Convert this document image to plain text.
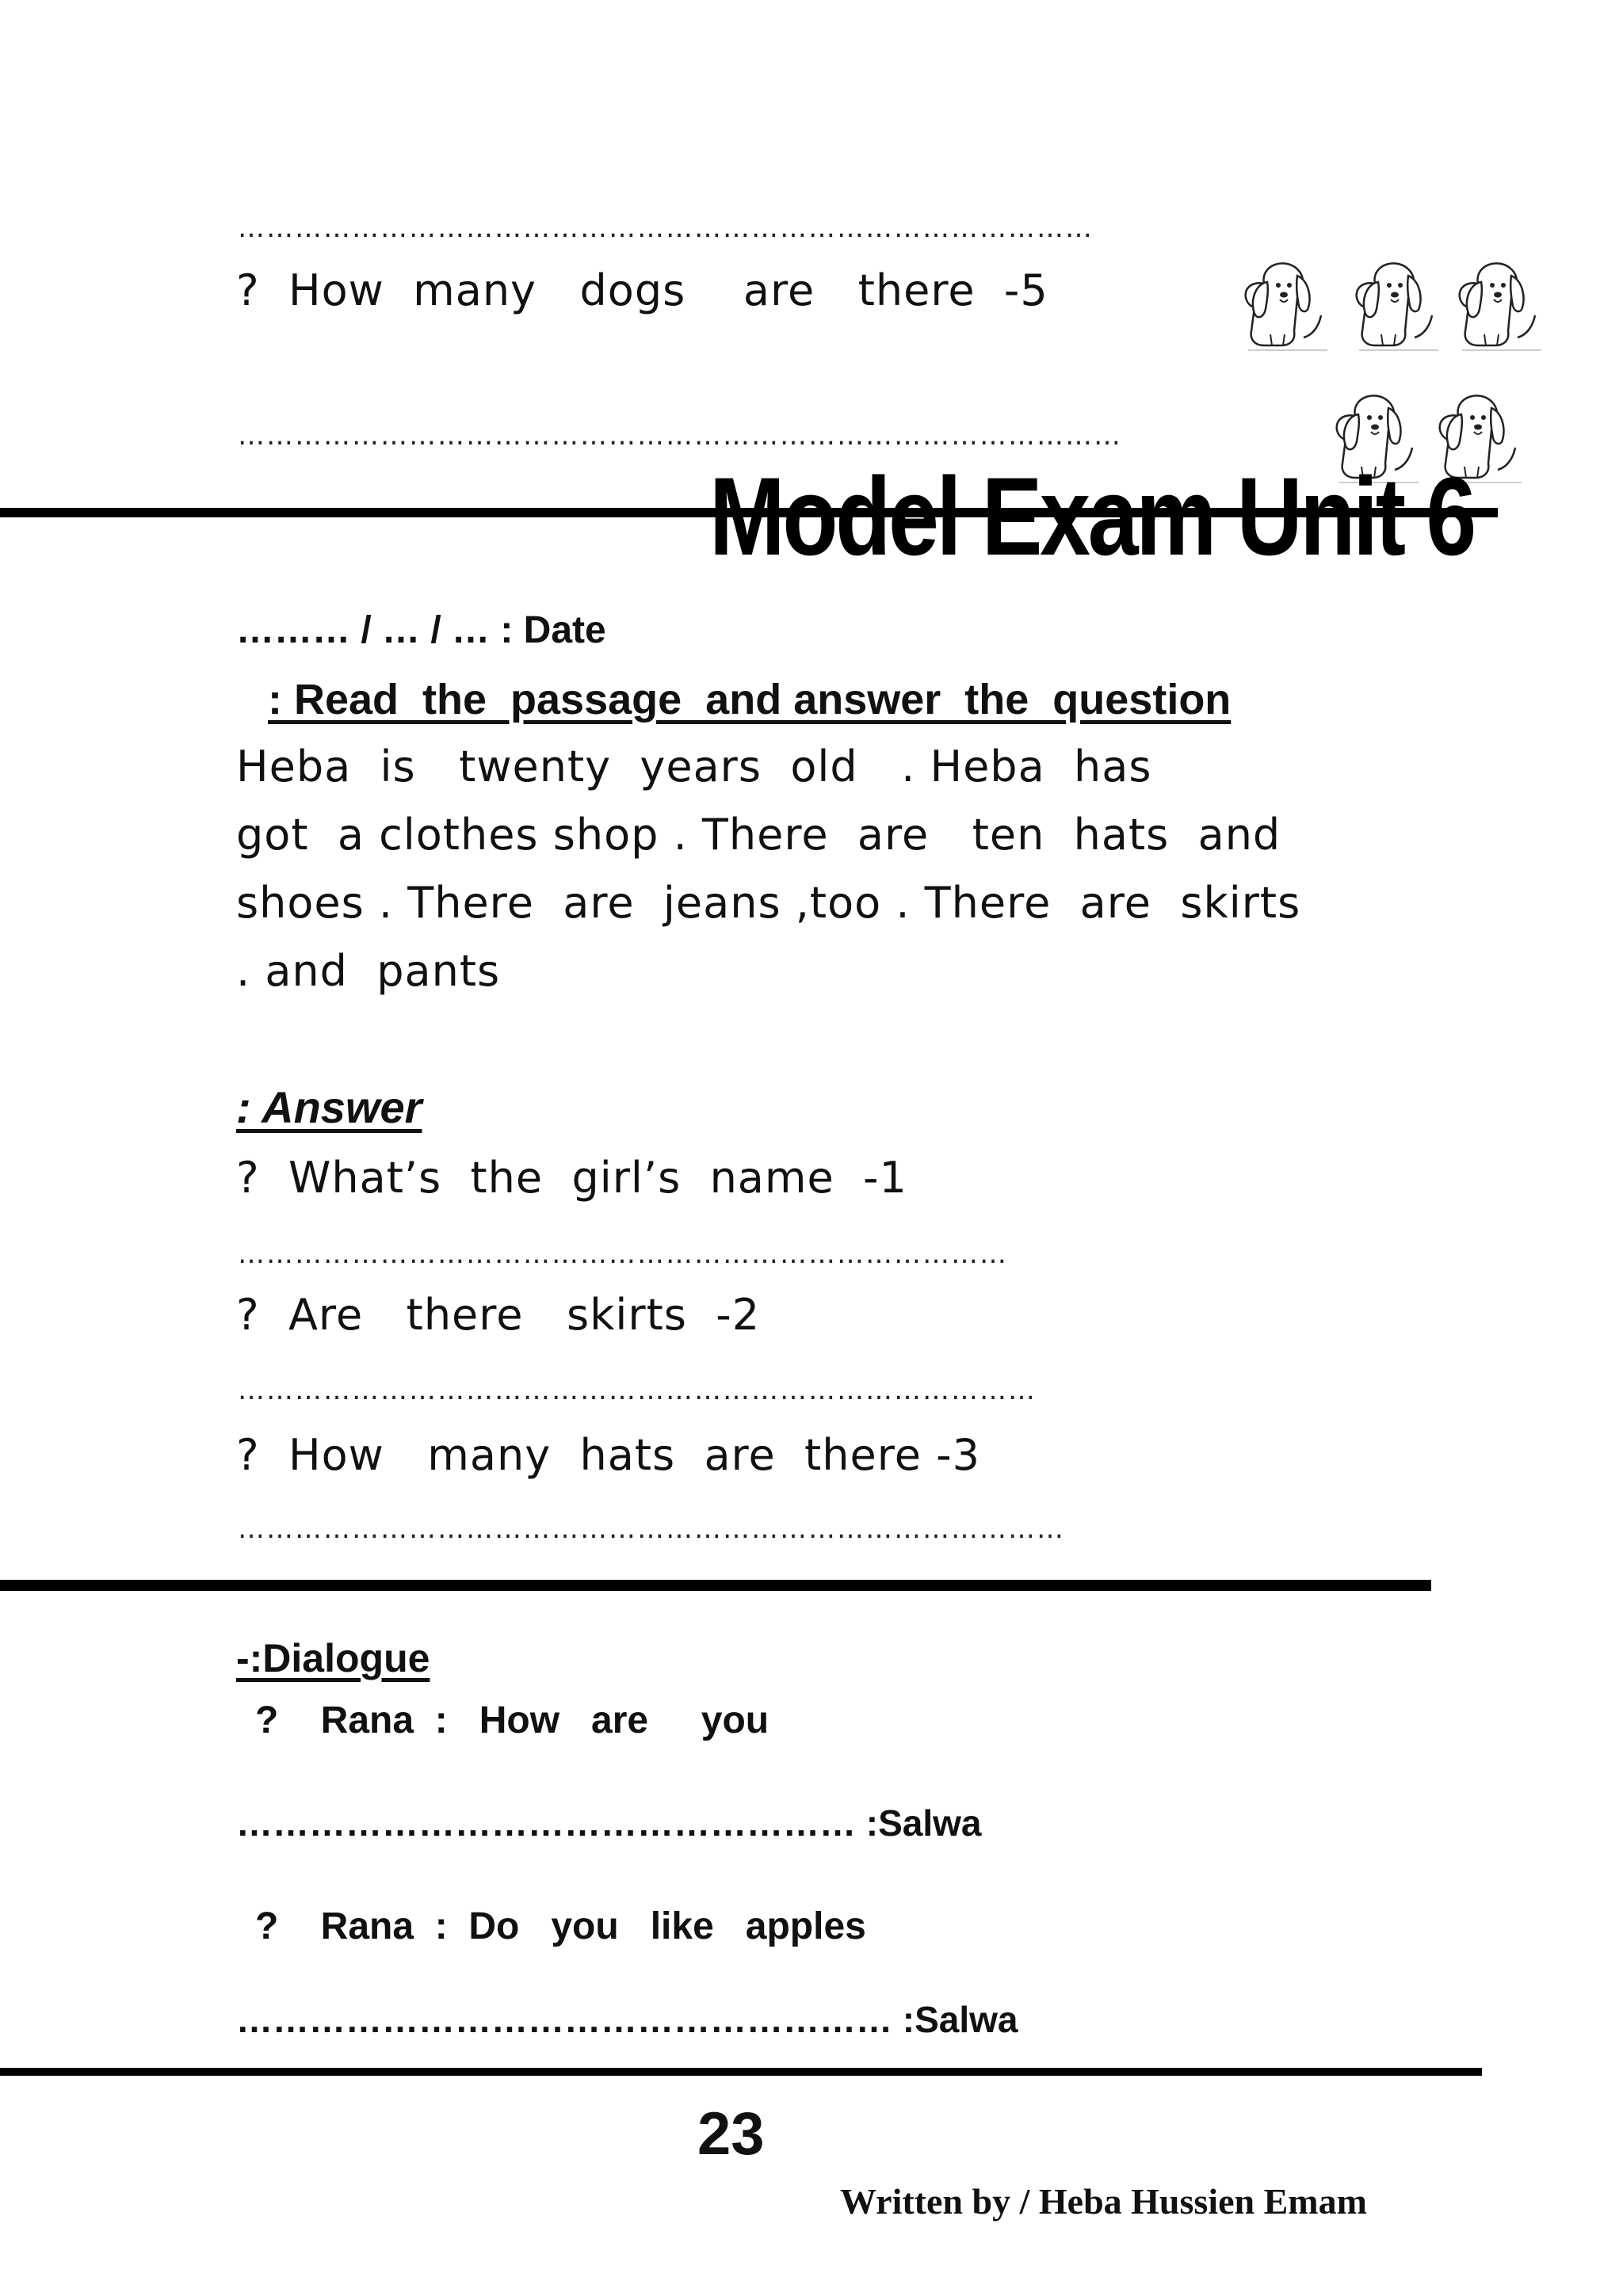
………………………………………………………………………………
?  How  many   dogs    are   there  -5
…………………………………………………………………………………
Model Exam Unit 6
……… / … / … : Date
: Read  the  passage  and answer  the  question
Heba  is   twenty  years  old   . Heba  has
got  a clothes shop . There  are   ten  hats  and
shoes . There  are  jeans ,too . There  are  skirts
. and  pants
: Answer
?  What’s  the  girl’s  name  -1
………………………………………………………………………
?  Are   there   skirts  -2
…………………………………………………………………………
?  How   many  hats  are  there -3
……………………………………………………………………………
-:Dialogue
?    Rana  :   How   are     you
…………………………………………… :Salwa
?    Rana  :  Do   you   like   apples
……………………………………………… :Salwa
23
Written by / Heba Hussien Emam
